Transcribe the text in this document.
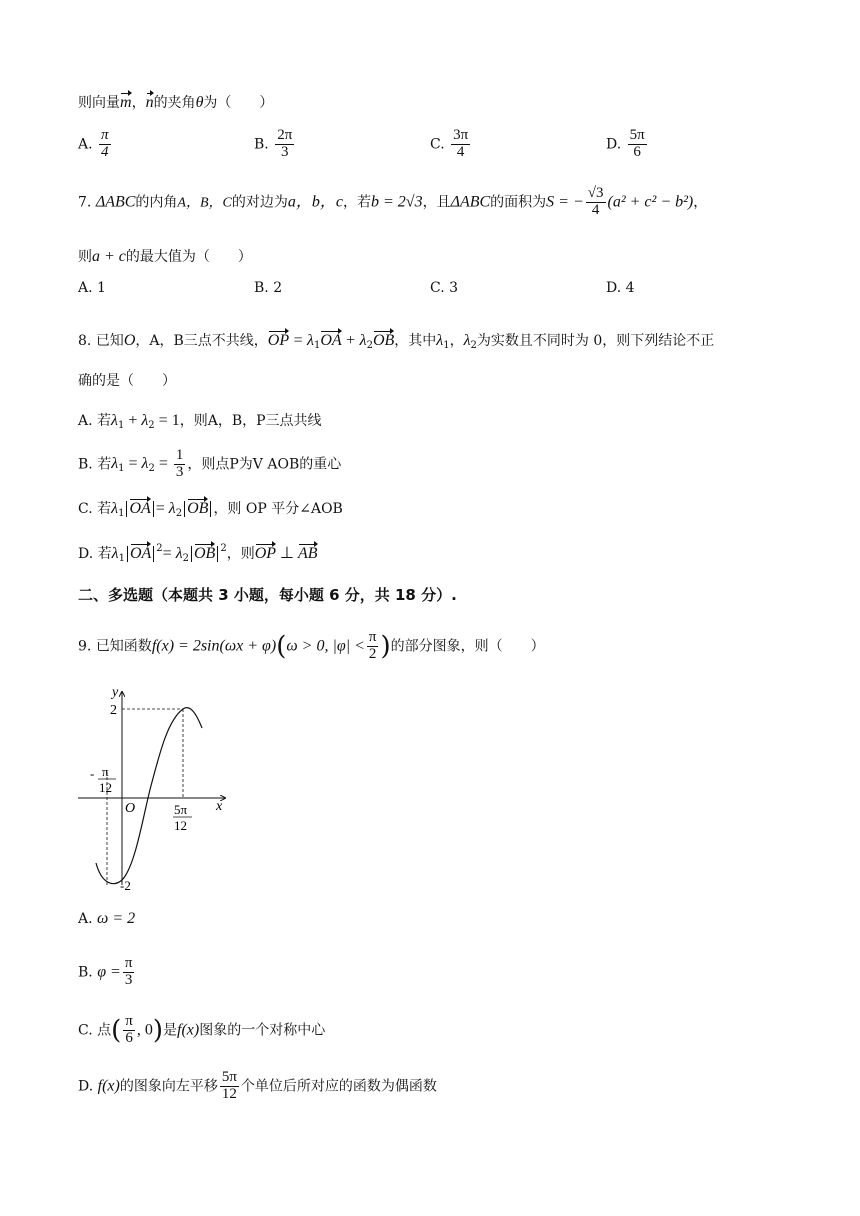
则向量m，n的夹角θ为（　　）
A. $\frac{\pi}{4}$	B. $\frac{2\pi}{3}$	C. $\frac{3\pi}{4}$	D. $\frac{5\pi}{6}$
7. ΔABC的内角A，B，C的对边为a，b，c，若b = 2√3，且ΔABC的面积为S = − $\frac{√3}{4} (a^2 + c^2 - b^2)$，
则a + c的最大值为（　　）
A. 1	B. 2	C. 3	D. 4
8. 已知O，A，B三点不共线，OP = $\lambda_1OA + \lambda_2OB$，其中$\lambda_1$，$\lambda_2$为实数且不同时为 0，则下列结论不正
确的是（　　）
A. 若$\lambda_1 + \lambda_2 = 1$，则A，B，P三点共线
B. 若$\lambda_1 = \lambda_2 = \frac{1}{3}$ ，则点P为V AOB的重心
C. 若$\lambda_1$ OA = $\lambda_2$ OB ，则 OP 平分∠AOB
D. 若$\lambda_1$ OA $^2= \lambda_2$ OB $^2$，则OP ⊥ AB
二、多选题（本题共 3 小题，每小题 6 分，共 18 分）.
9. 已知函数f(x) = 2sin(ωx + φ)(ω > 0, $|\varphi| < \frac{\pi}{2}$ )的部分图象，则（　　）
y
x
O
2
-2
- π
12
5π
12
A. ω = 2
B. $\varphi = \frac{\pi}{3}$
C. 点( $\frac{\pi}{6}$ , 0)是f(x)图象的一个对称中心
D. f(x)的图象向左平移 $\frac{5\pi}{12}$ 个单位后所对应的函数为偶函数
